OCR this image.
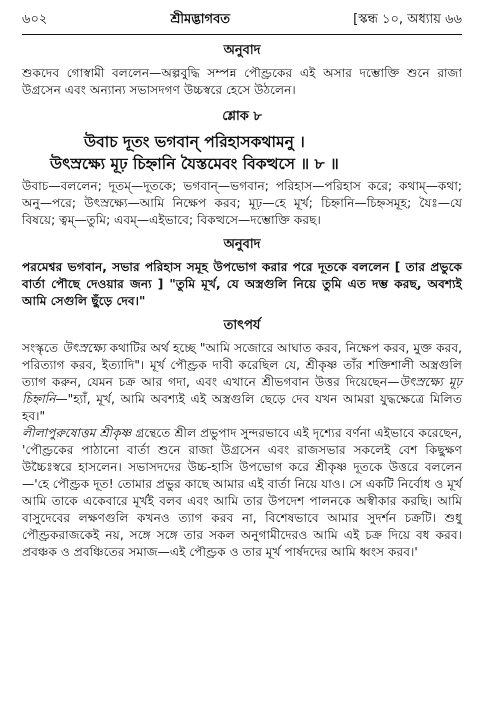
৬০২	শ্রীমদ্ভাগবত	[স্কন্ধ ১০, অধ্যায় ৬৬
অনুবাদ

শুকদেব গোস্বামী বললেন—অল্পবুদ্ধি সম্পন্ন পৌণ্ড্রকের এই অসার দম্ভোক্তি শুনে রাজা উগ্রসেন এবং অন্যান্য সভাসদগণ উচ্চস্বরে হেসে উঠলেন।

শ্লোক ৮
উবাচ দূতং ভগবান্ পরিহাসকথামনু ।
উৎস্রক্ষ্যে মূঢ় চিহ্নানি যৈস্তমেবং বিকত্থসে ॥ ৮ ॥

উবাচ—বললেন; দূতম্—দূতকে; ভগবান্—ভগবান; পরিহাস—পরিহাস করে; কথাম্—কথা; অনু—পরে; উৎস্রক্ষ্যে—আমি নিক্ষেপ করব; মূঢ়—হে মূর্খ; চিহ্নানি—চিহ্নসমূহ; যৈঃ—যে বিষয়ে; ত্বম্—তুমি; এবম্—এইভাবে; বিকত্থসে—দম্ভোক্তি করছ।

অনুবাদ

পরমেশ্বর ভগবান, সভার পরিহাস সমূহ উপভোগ করার পরে দূতকে বললেন [ তার প্রভুকে বার্তা পৌছে দেওয়ার জন্য ] "তুমি মূর্খ, যে অস্ত্রগুলি নিয়ে তুমি এত দম্ভ করছ, অবশ্যই আমি সেগুলি ছুঁড়ে দেব।"

তাৎপর্য

সংস্কৃতে উৎস্রক্ষ্যে কথাটির অর্থ হচ্ছে "আমি সজোরে আঘাত করব, নিক্ষেপ করব, মুক্ত করব, পরিত্যাগ করব, ইত্যাদি"। মূর্খ পৌণ্ড্রক দাবী করেছিল যে, শ্রীকৃষ্ণ তাঁর শক্তিশালী অস্ত্রগুলি ত্যাগ করুন, যেমন চক্র আর গদা, এবং এখানে শ্রীভগবান উত্তর দিয়েছেন—উৎস্রক্ষ্যে মূঢ় চিহ্নানি—"হ্যাঁ, মূর্খ, আমি অবশ্যই এই অস্ত্রগুলি ছেড়ে দেব যখন আমরা যুদ্ধক্ষেত্রে মিলিত হব।"

লীলাপুরুষোত্তম শ্রীকৃষ্ণ গ্রন্থেতে শ্রীল প্রভুপাদ সুন্দরভাবে এই দৃশ্যের বর্ণনা এইভাবে করেছেন, 'পৌণ্ড্রকের পাঠানো বার্তা শুনে রাজা উগ্রসেন এবং রাজসভার সকলেই বেশ কিছুক্ষণ উচ্চৈঃস্বরে হাসলেন। সভাসদদের উচ্চ-হাসি উপভোগ করে শ্রীকৃষ্ণ দূতকে উত্তরে বললেন—'হে পৌণ্ড্রক দূত! তোমার প্রভুর কাছে আমার এই বার্তা নিয়ে যাও। সে একটি নির্বোধ ও মূর্খ আমি তাকে একেবারে মূর্খই বলব এবং আমি তার উপদেশ পালনকে অস্বীকার করছি। আমি বাসুদেবের লক্ষণগুলি কখনও ত্যাগ করব না, বিশেষভাবে আমার সুদর্শন চক্রটি। শুধু পৌণ্ড্রকরাজকেই নয়, সঙ্গে সঙ্গে তার সকল অনুগামীদেরও আমি এই চক্র দিয়ে বধ করব। প্রবঞ্চক ও প্রবঞ্চিতের সমাজ—এই পৌণ্ড্রক ও তার মূর্খ পার্ষদদের আমি ধ্বংস করব।'
